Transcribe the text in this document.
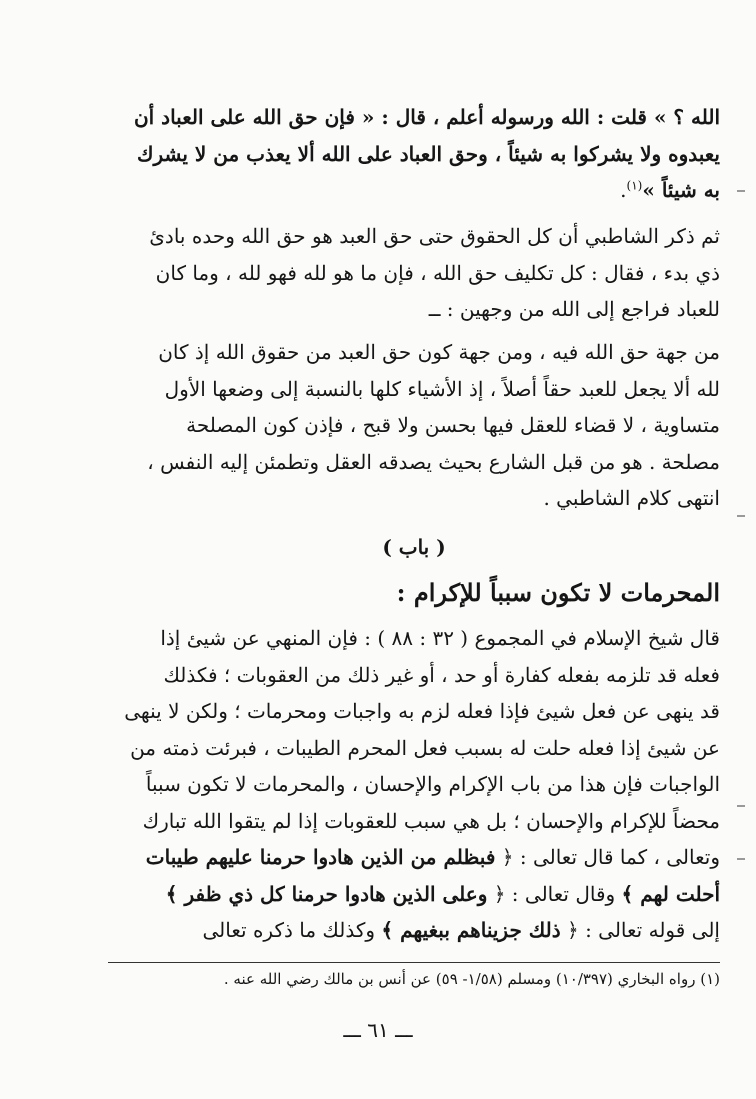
الله ؟ » قلت : الله ورسوله أعلم ، قال : « فإن حق الله على العباد أن
يعبدوه ولا يشركوا به شيئاً ، وحق العباد على الله ألا يعذب من لا يشرك
به شيئاً »$^{(١)}$.

ثم ذكر الشاطبي أن كل الحقوق حتى حق العبد هو حق الله وحده بادئ
ذي بدء ، فقال : كل تكليف حق الله ، فإن ما هو لله فهو لله ، وما كان
للعباد فراجع إلى الله من وجهين : ــ

من جهة حق الله فيه ، ومن جهة كون حق العبد من حقوق الله إذ كان
لله ألا يجعل للعبد حقاً أصلاً ، إذ الأشياء كلها بالنسبة إلى وضعها الأول
متساوية ، لا قضاء للعقل فيها بحسن ولا قبح ، فإذن كون المصلحة
مصلحة . هو من قبل الشارع بحيث يصدقه العقل وتطمئن إليه النفس ،
انتهى كلام الشاطبي .

( باب )
المحرمات لا تكون سبباً للإكرام :

قال شيخ الإسلام في المجموع ( ٣٢ : ٨٨ ) : فإن المنهي عن شيئ إذا
فعله قد تلزمه بفعله كفارة أو حد ، أو غير ذلك من العقوبات ؛ فكذلك
قد ينهى عن فعل شيئ فإذا فعله لزم به واجبات ومحرمات ؛ ولكن لا ينهى
عن شيئ إذا فعله حلت له بسبب فعل المحرم الطيبات ، فبرئت ذمته من
الواجبات فإن هذا من باب الإكرام والإحسان ، والمحرمات لا تكون سبباً
محضاً للإكرام والإحسان ؛ بل هي سبب للعقوبات إذا لم يتقوا الله تبارك
وتعالى ، كما قال تعالى : ﴿ فبظلم من الذين هادوا حرمنا عليهم طيبات
أحلت لهم ﴾ وقال تعالى : ﴿ وعلى الذين هادوا حرمنا كل ذي ظفر ﴾
إلى قوله تعالى : ﴿ ذلك جزيناهم ببغيهم ﴾ وكذلك ما ذكره تعالى

(١) رواه البخاري (١٠/٣٩٧) ومسلم (١/٥٨- ٥٩) عن أنس بن مالك رضي الله عنه .
ـــ ٦١ ـــ
